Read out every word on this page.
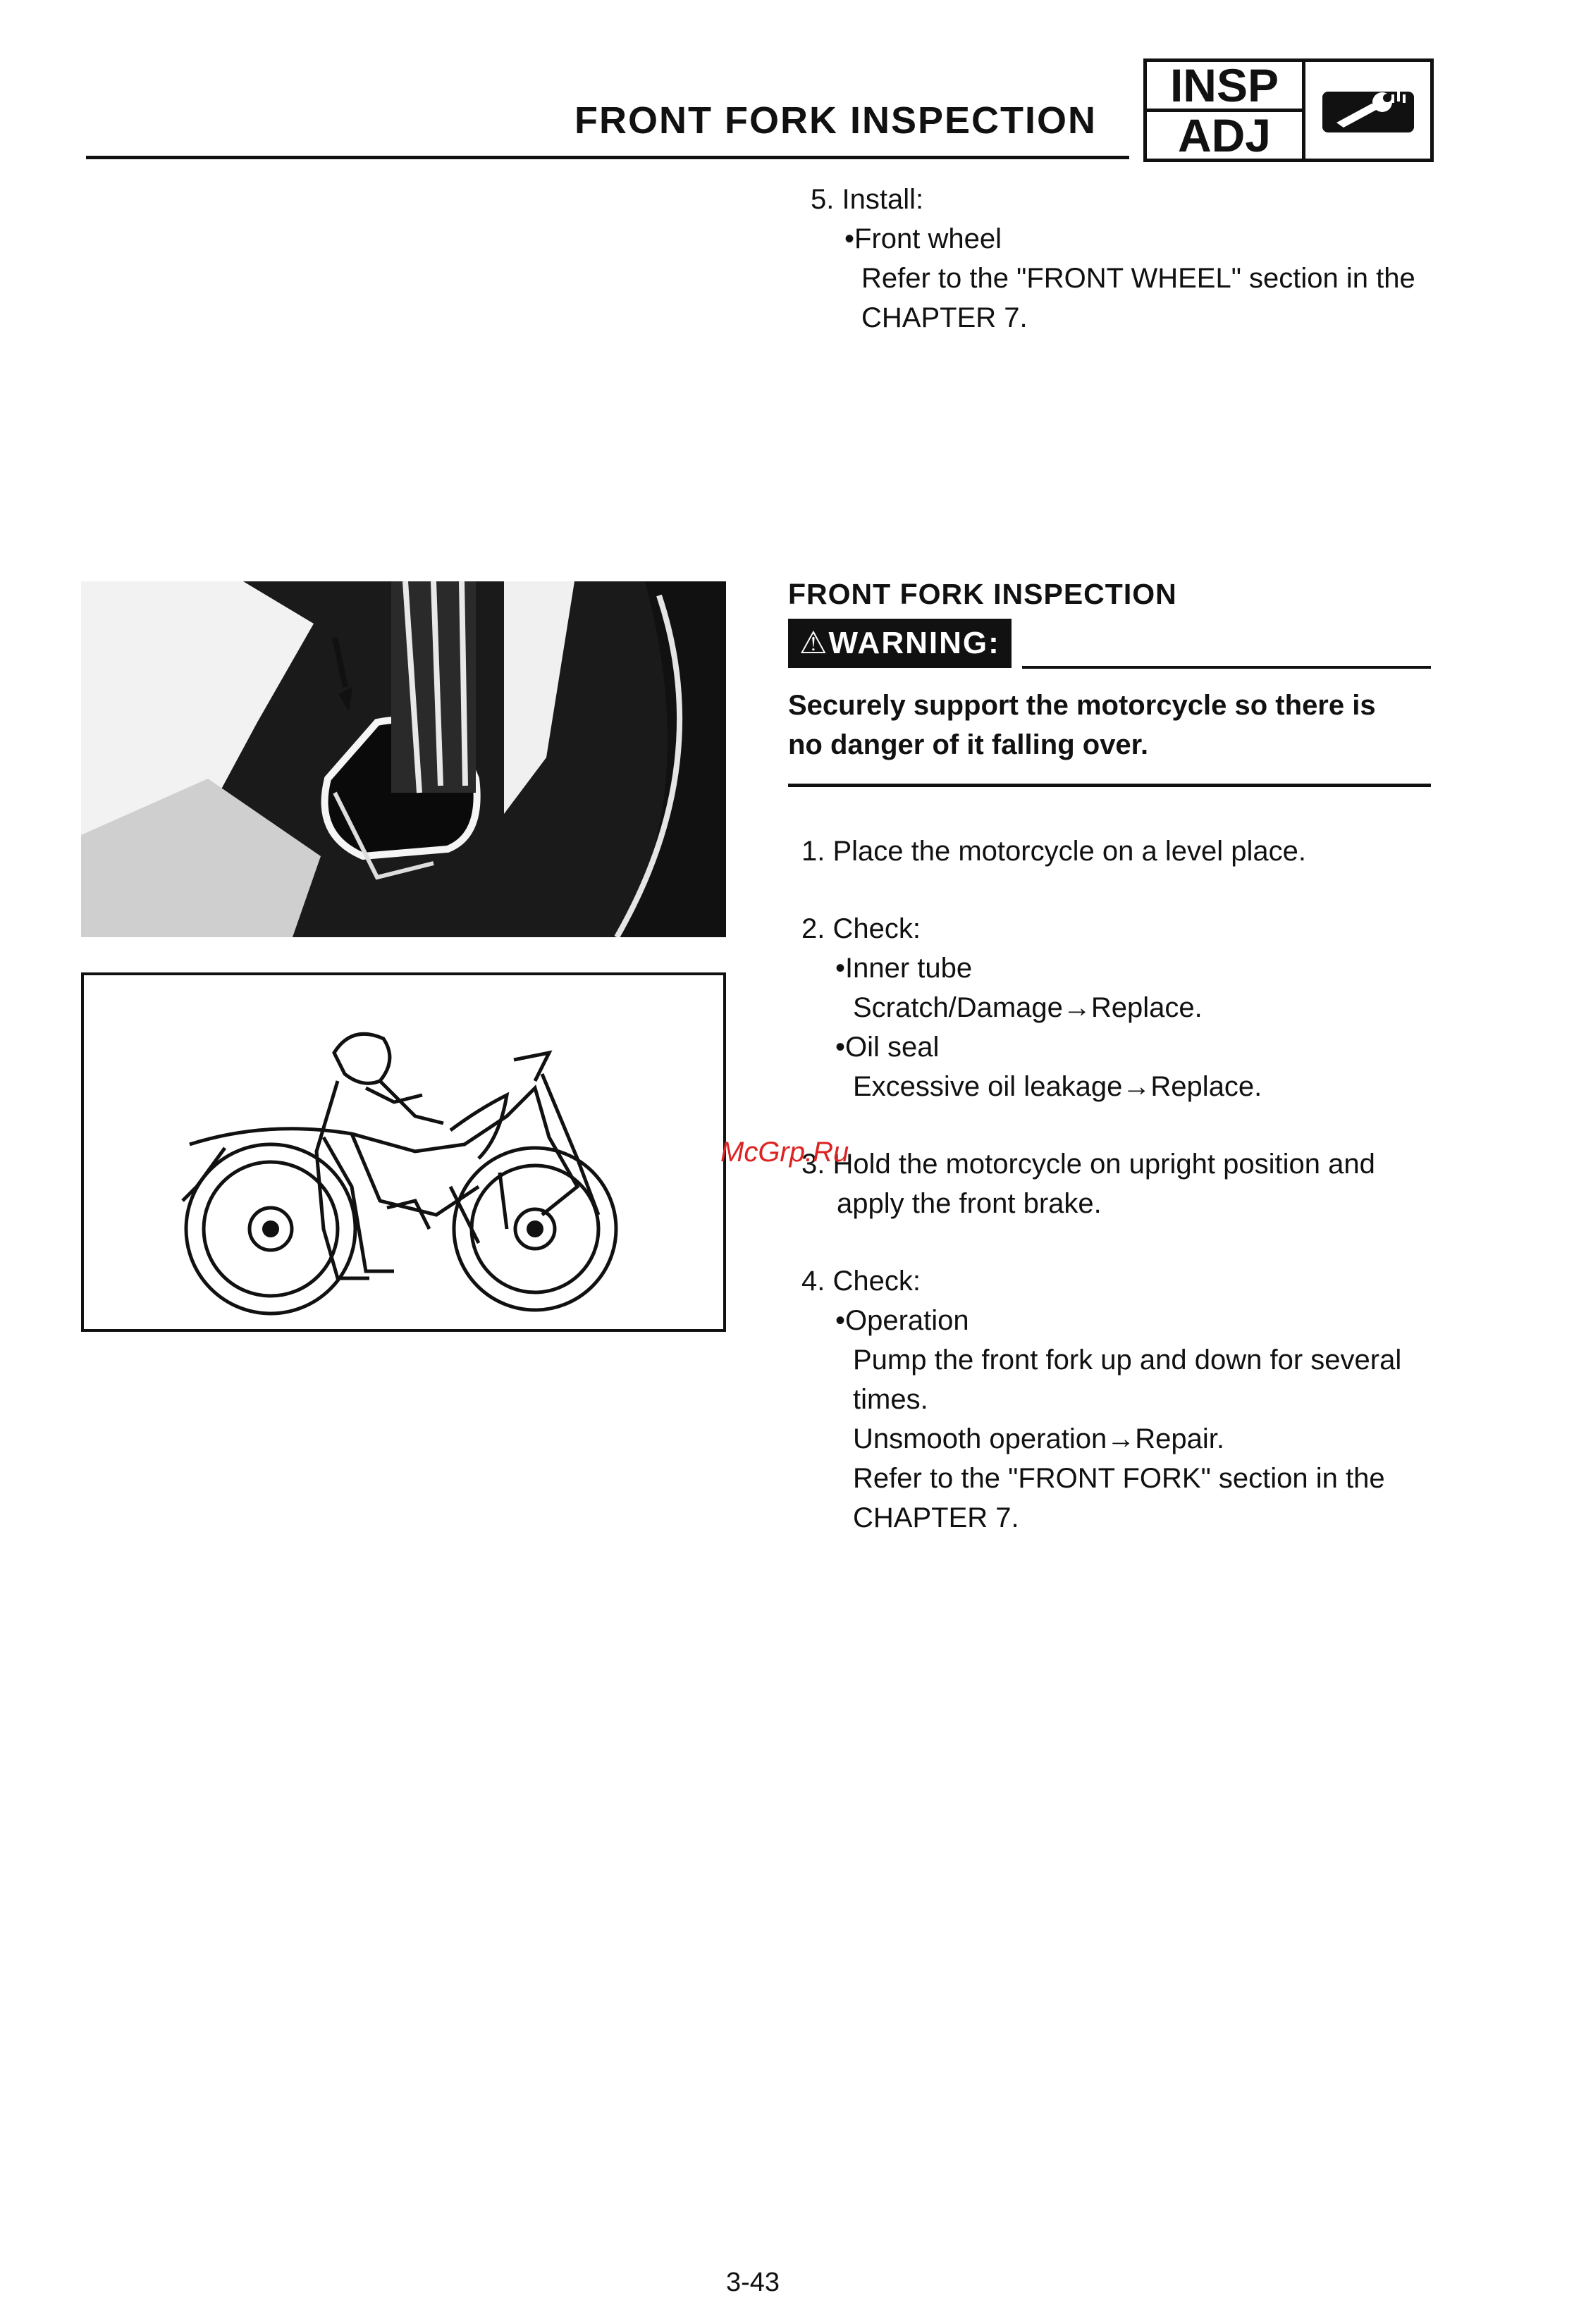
FRONT FORK INSPECTION
INSP
ADJ
5. Install:
•Front wheel
Refer to the "FRONT WHEEL" section in the
CHAPTER 7.
FRONT FORK INSPECTION
⚠WARNING:
Securely support the motorcycle so there is
no danger of it falling over.
1. Place the motorcycle on a level place.
2. Check:
•Inner tube
Scratch/Damage→Replace.
•Oil seal
Excessive oil leakage→Replace.
3. Hold the motorcycle on upright position and
apply the front brake.
4. Check:
•Operation
Pump the front fork up and down for several
times.
Unsmooth operation→Repair.
Refer to the "FRONT FORK" section in the
CHAPTER 7.
McGrp.Ru
3-43
